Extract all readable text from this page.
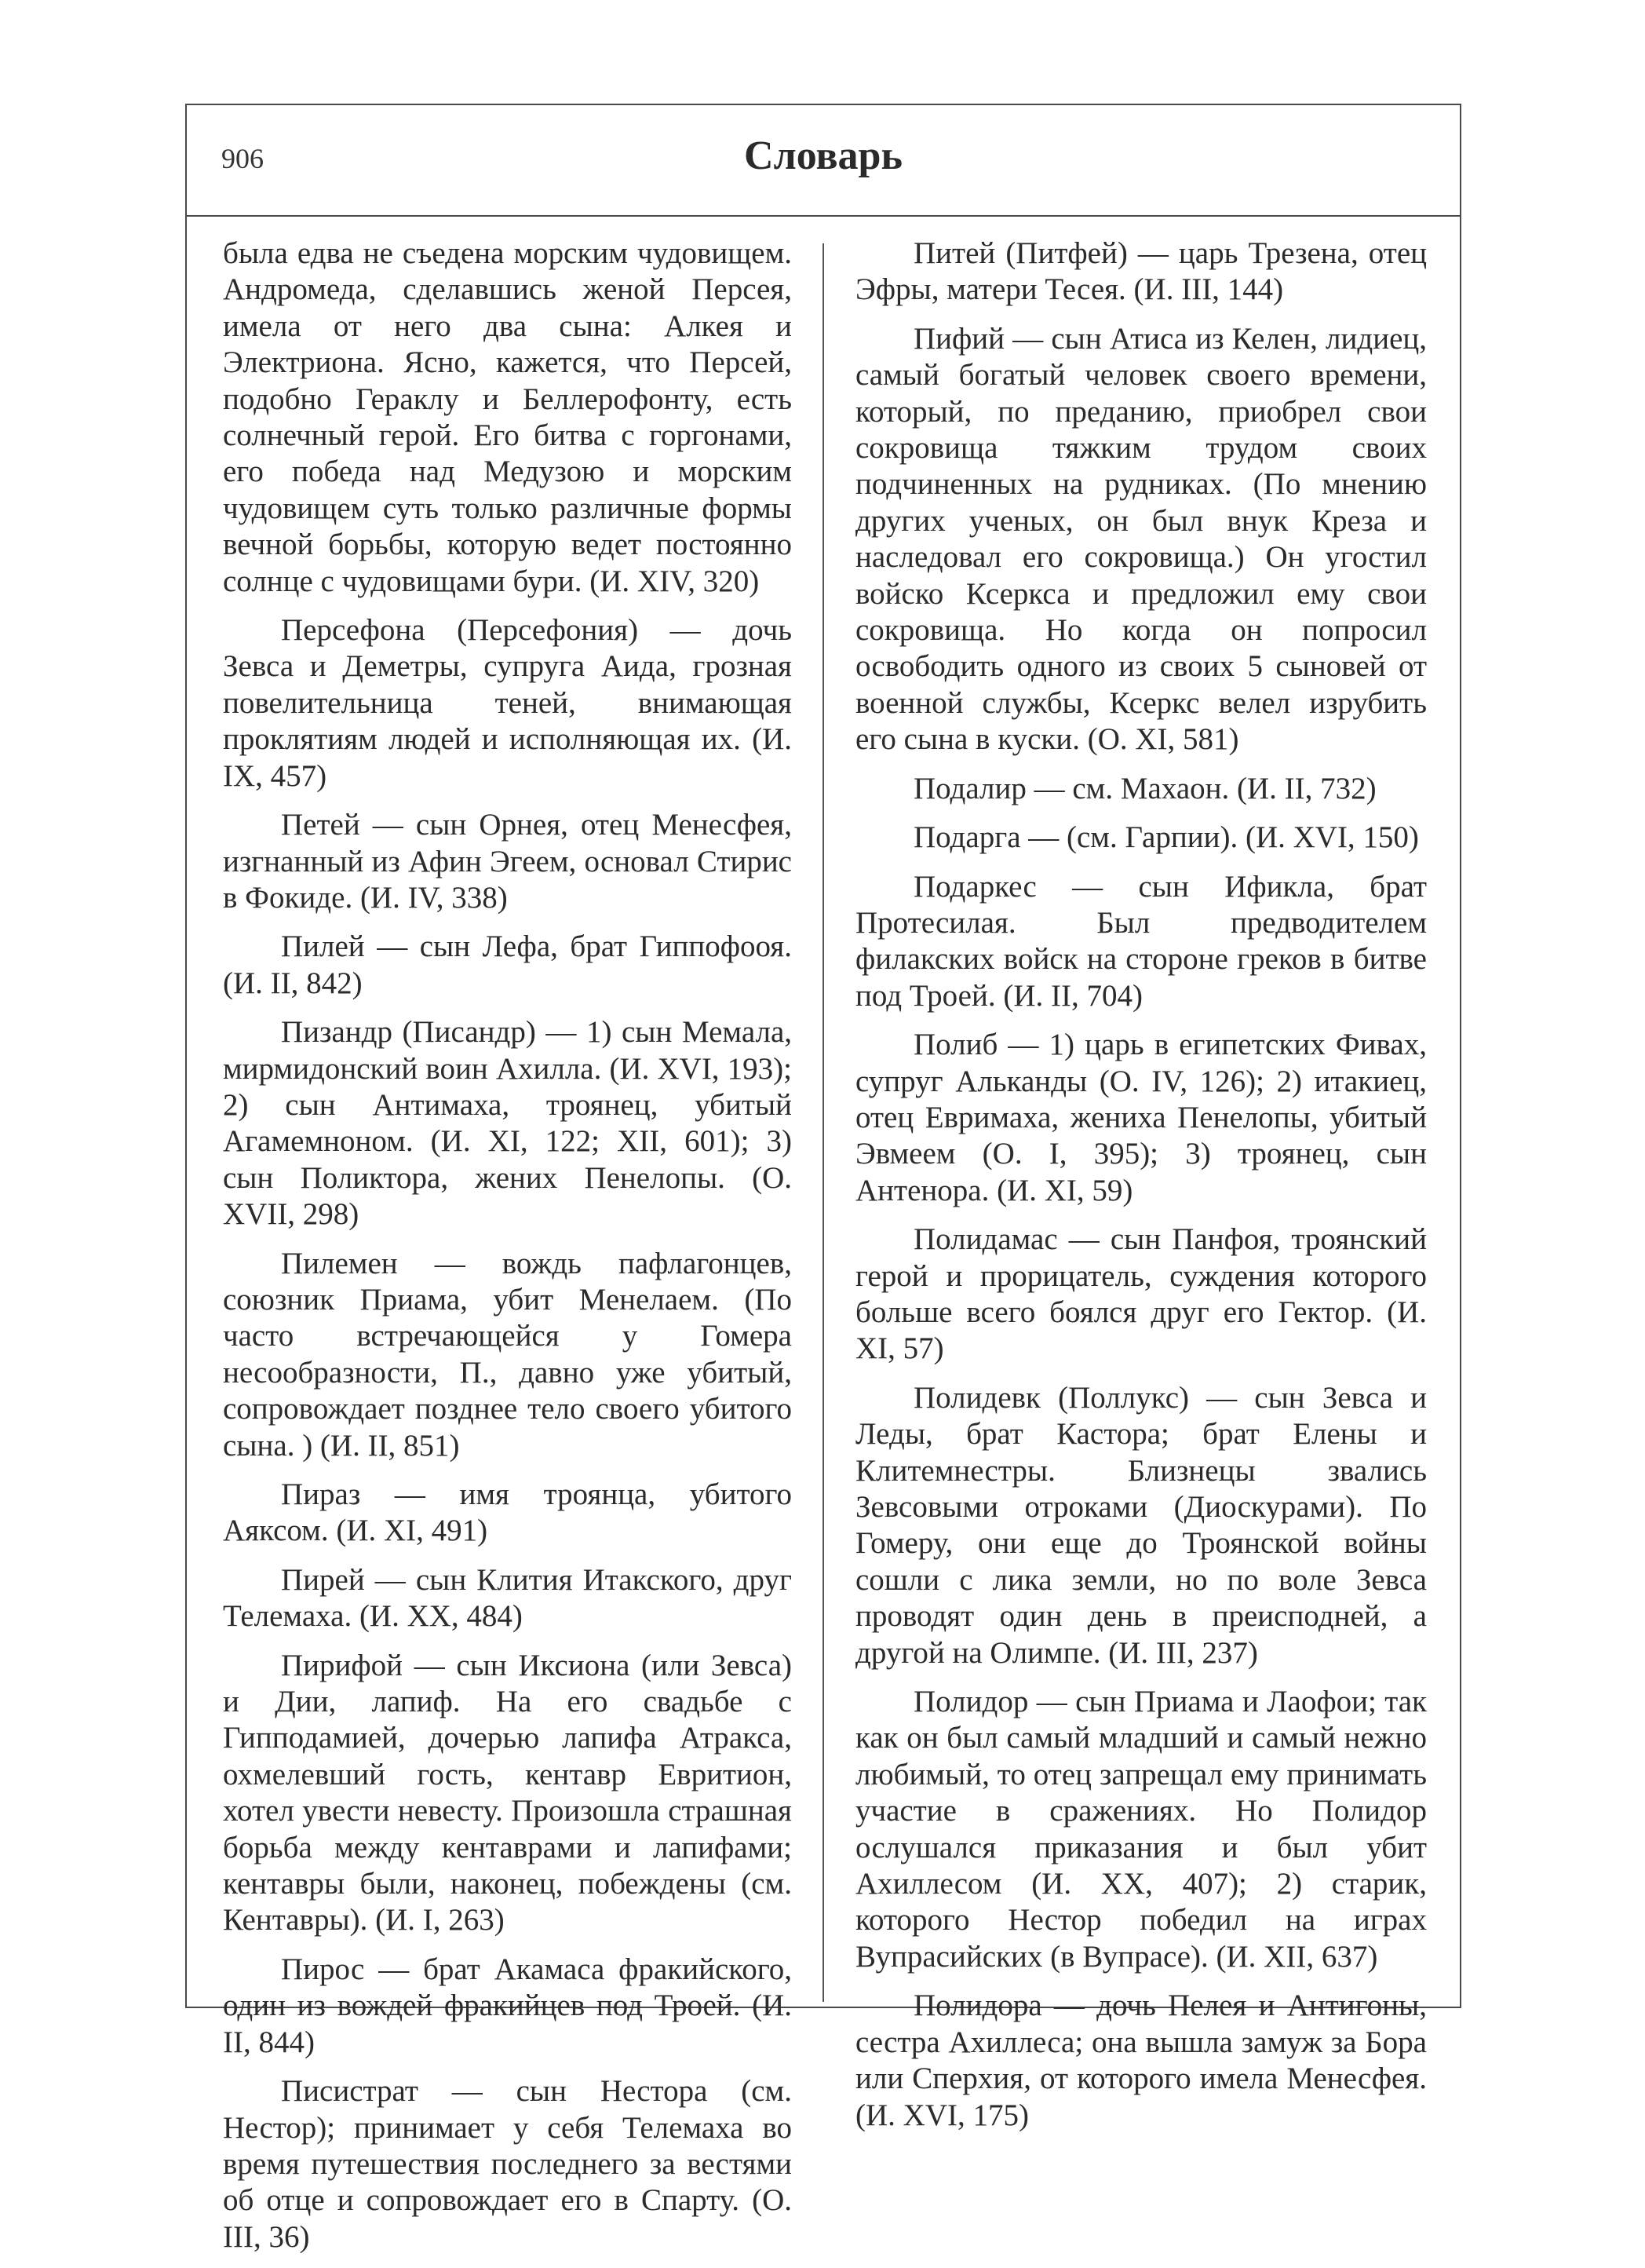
906	Словарь

была едва не съедена морским чудовищем. Андромеда, сделавшись женой Персея, имела от него два сына: Алкея и Электриона. Ясно, кажется, что Персей, подобно Гераклу и Беллерофонту, есть солнечный герой. Его битва с горгонами, его победа над Медузою и морским чудовищем суть только различные формы вечной борьбы, которую ведет постоянно солнце с чудовищами бури. (И. XIV, 320)

Персефона (Персефония) — дочь Зевса и Деметры, супруга Аида, грозная повелительница теней, внимающая проклятиям людей и исполняющая их. (И. IX, 457)

Петей — сын Орнея, отец Менесфея, изгнанный из Афин Эгеем, основал Стирис в Фокиде. (И. IV, 338)

Пилей — сын Лефа, брат Гиппофооя. (И. II, 842)

Пизандр (Писандр) — 1) сын Мемала, мирмидонский воин Ахилла. (И. XVI, 193); 2) сын Антимаха, троянец, убитый Агамемноном. (И. XI, 122; XII, 601); 3) сын Поликтора, жених Пенелопы. (О. XVII, 298)

Пилемен — вождь пафлагонцев, союзник Приама, убит Менелаем. (По часто встречающейся у Гомера несообразности, П., давно уже убитый, сопровождает позднее тело своего убитого сына. ) (И. II, 851)

Пираз — имя троянца, убитого Аяксом. (И. XI, 491)

Пирей — сын Клития Итакского, друг Телемаха. (И. XX, 484)

Пирифой — сын Иксиона (или Зевса) и Дии, лапиф. На его свадьбе с Гипподамией, дочерью лапифа Атракса, охмелевший гость, кентавр Евритион, хотел увести невесту. Произошла страшная борьба между кентаврами и лапифами; кентавры были, наконец, побеждены (см. Кентавры). (И. I, 263)

Пирос — брат Акамаса фракийского, один из вождей фракийцев под Троей. (И. II, 844)

Писистрат — сын Нестора (см. Нестор); принимает у себя Телемаха во время путешествия последнего за вестями об отце и сопровождает его в Спарту. (О. III, 36)

Питей (Питфей) — царь Трезена, отец Эфры, матери Тесея. (И. III, 144)

Пифий — сын Атиса из Келен, лидиец, самый богатый человек своего времени, который, по преданию, приобрел свои сокровища тяжким трудом своих подчиненных на рудниках. (По мнению других ученых, он был внук Креза и наследовал его сокровища.) Он угостил войско Ксеркса и предложил ему свои сокровища. Но когда он попросил освободить одного из своих 5 сыновей от военной службы, Ксеркс велел изрубить его сына в куски. (О. XI, 581)

Подалир — см. Махаон. (И. II, 732)

Подарга — (см. Гарпии). (И. XVI, 150)

Подаркес — сын Ификла, брат Протесилая. Был предводителем филакских войск на стороне греков в битве под Троей. (И. II, 704)

Полиб — 1) царь в египетских Фивах, супруг Альканды (О. IV, 126); 2) итакиец, отец Евримаха, жениха Пенелопы, убитый Эвмеем (О. I, 395); 3) троянец, сын Антенора. (И. XI, 59)

Полидамас — сын Панфоя, троянский герой и прорицатель, суждения которого больше всего боялся друг его Гектор. (И. XI, 57)

Полидевк (Поллукс) — сын Зевса и Леды, брат Кастора; брат Елены и Клитемнестры. Близнецы звались Зевсовыми отроками (Диоскурами). По Гомеру, они еще до Троянской войны сошли с лика земли, но по воле Зевса проводят один день в преисподней, а другой на Олимпе. (И. III, 237)

Полидор — сын Приама и Лаофои; так как он был самый младший и самый нежно любимый, то отец запрещал ему принимать участие в сражениях. Но Полидор ослушался приказания и был убит Ахиллесом (И. XX, 407); 2) старик, которого Нестор победил на играх Вупрасийских (в Вупрасе). (И. XII, 637)

Полидора — дочь Пелея и Антигоны, сестра Ахиллеса; она вышла замуж за Бора или Сперхия, от которого имела Менесфея. (И. XVI, 175)
